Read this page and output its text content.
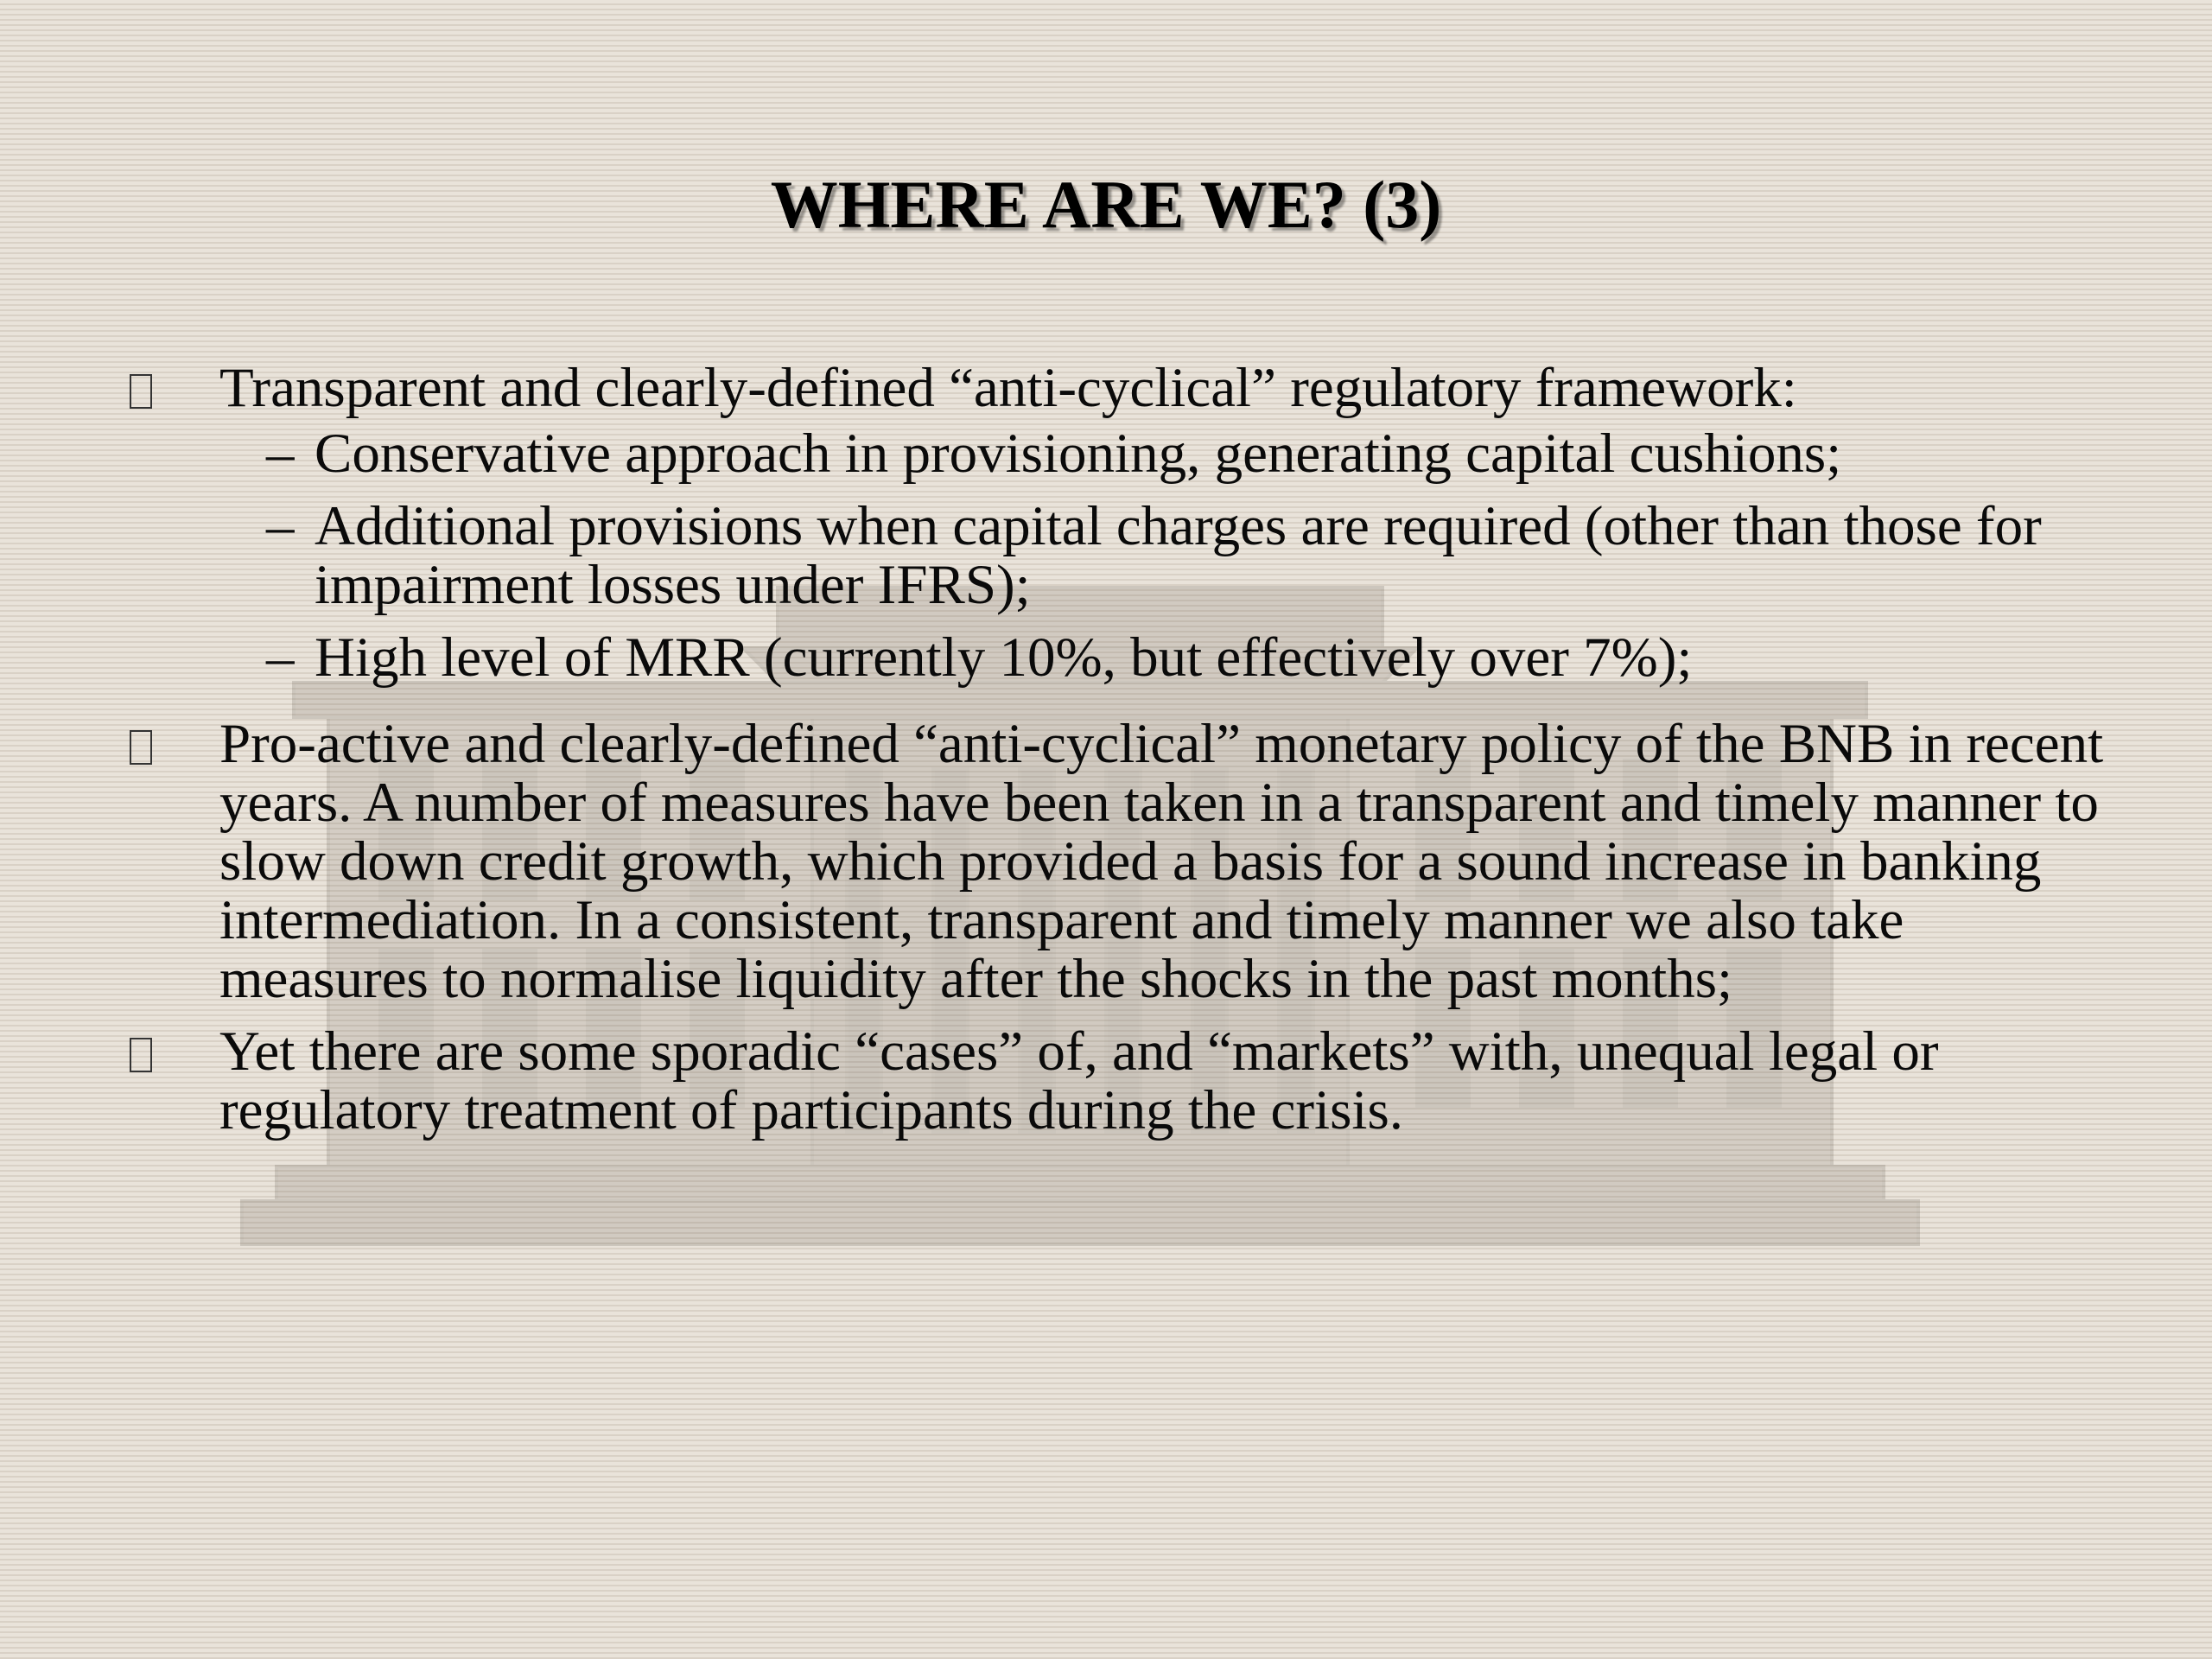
WHERE ARE WE? (3)
Transparent and clearly-defined “anti-cyclical” regulatory framework:
– Conservative approach in provisioning, generating capital cushions;
– Additional provisions when capital charges are required (other than those for impairment losses under IFRS);
– High level of MRR (currently 10%, but effectively over 7%);
Pro-active and clearly-defined “anti-cyclical” monetary policy of the BNB in recent years. A number of measures have been taken in a transparent and timely manner to slow down credit growth, which provided a basis for a sound increase in banking intermediation. In a consistent, transparent and timely manner we also take measures to normalise liquidity after the shocks in the past months;
Yet there are some sporadic “cases” of, and “markets” with, unequal legal or regulatory treatment of participants during the crisis.
